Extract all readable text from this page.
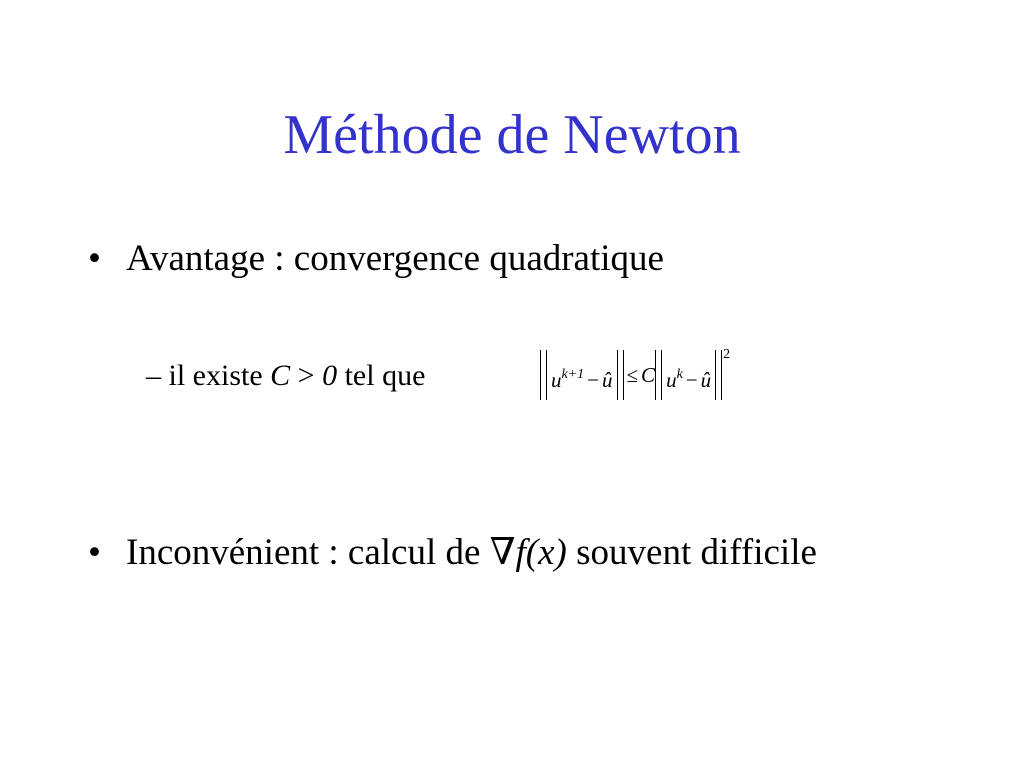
Méthode de Newton
• Avantage : convergence quadratique
– il existe C > 0 tel que	$u^{k+1}$ − û ≤ C $u^k$ − û2
• Inconvénient : calcul de ∇f(x) souvent difficile
